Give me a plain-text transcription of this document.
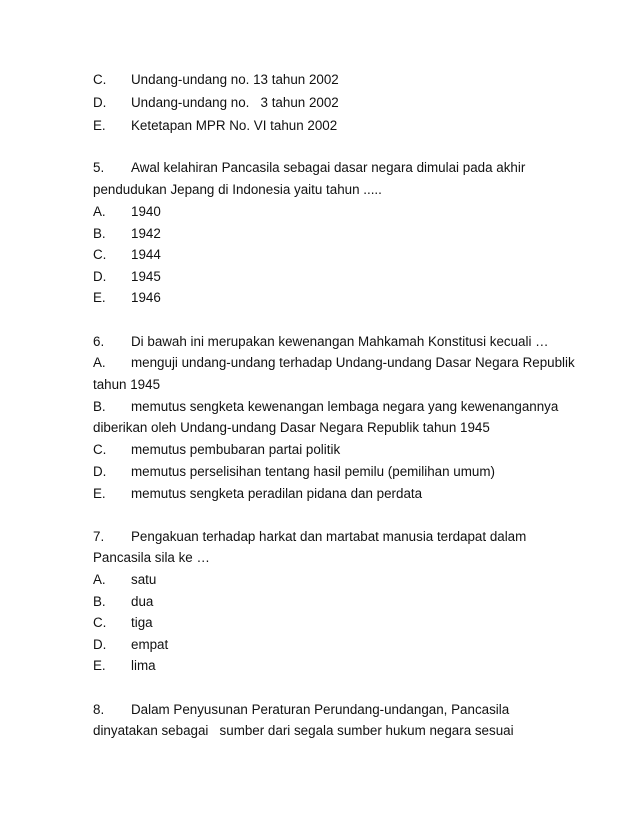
C. Undang-undang no. 13 tahun 2002
D. Undang-undang no.   3 tahun 2002
E. Ketetapan MPR No. VI tahun 2002
5. Awal kelahiran Pancasila sebagai dasar negara dimulai pada akhir
pendudukan Jepang di Indonesia yaitu tahun .....
A. 1940
B. 1942
C. 1944
D. 1945
E. 1946
6. Di bawah ini merupakan kewenangan Mahkamah Konstitusi kecuali …
A. menguji undang-undang terhadap Undang-undang Dasar Negara Republik
tahun 1945
B. memutus sengketa kewenangan lembaga negara yang kewenangannya
diberikan oleh Undang-undang Dasar Negara Republik tahun 1945
C. memutus pembubaran partai politik
D. memutus perselisihan tentang hasil pemilu (pemilihan umum)
E. memutus sengketa peradilan pidana dan perdata
7. Pengakuan terhadap harkat dan martabat manusia terdapat dalam
Pancasila sila ke …
A. satu
B. dua
C. tiga
D. empat
E. lima
8. Dalam Penyusunan Peraturan Perundang-undangan, Pancasila
dinyatakan sebagai   sumber dari segala sumber hukum negara sesuai
